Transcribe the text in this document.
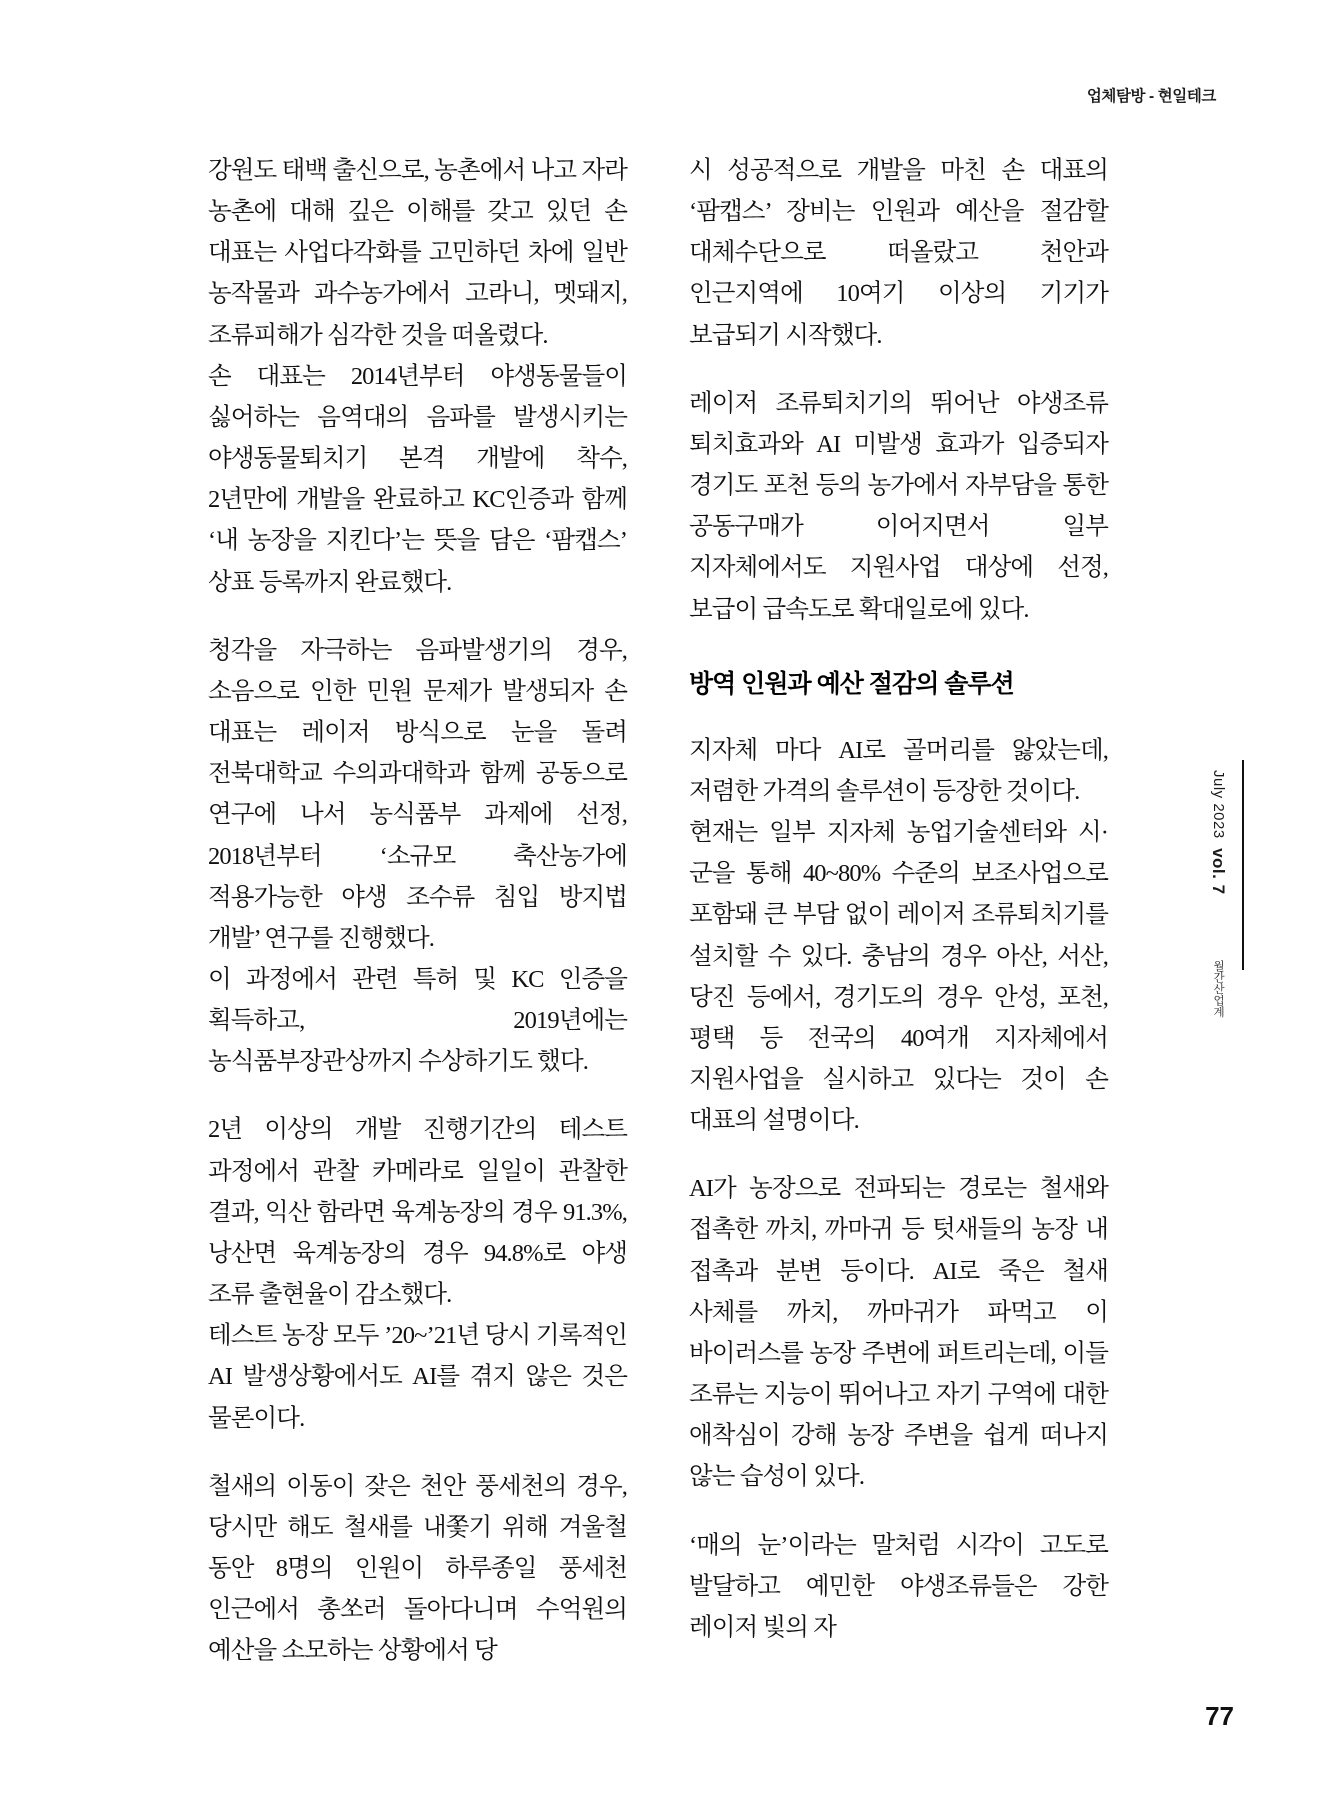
업체탐방 - 현일테크

강원도 태백 출신으로, 농촌에서 나고 자라 농촌에 대해 깊은 이해를 갖고 있던 손 대표는 사업다각화를 고민하던 차에 일반 농작물과 과수농가에서 고라니, 멧돼지, 조류피해가 심각한 것을 떠올렸다.

손 대표는 2014년부터 야생동물들이 싫어하는 음역대의 음파를 발생시키는 야생동물퇴치기 본격 개발에 착수, 2년만에 개발을 완료하고 KC인증과 함께 ‘내 농장을 지킨다’는 뜻을 담은 ‘팜캡스’ 상표 등록까지 완료했다.

청각을 자극하는 음파발생기의 경우, 소음으로 인한 민원 문제가 발생되자 손 대표는 레이저 방식으로 눈을 돌려 전북대학교 수의과대학과 함께 공동으로 연구에 나서 농식품부 과제에 선정, 2018년부터 ‘소규모 축산농가에 적용가능한 야생 조수류 침입 방지법 개발’ 연구를 진행했다.

이 과정에서 관련 특허 및 KC 인증을 획득하고, 2019년에는 농식품부장관상까지 수상하기도 했다.

2년 이상의 개발 진행기간의 테스트 과정에서 관찰 카메라로 일일이 관찰한 결과, 익산 함라면 육계농장의 경우 91.3%, 낭산면 육계농장의 경우 94.8%로 야생 조류 출현율이 감소했다.

테스트 농장 모두 ’20~’21년 당시 기록적인 AI 발생상황에서도 AI를 겪지 않은 것은 물론이다.

철새의 이동이 잦은 천안 풍세천의 경우, 당시만 해도 철새를 내쫓기 위해 겨울철 동안 8명의 인원이 하루종일 풍세천 인근에서 총쏘러 돌아다니며 수억원의 예산을 소모하는 상황에서 당

시 성공적으로 개발을 마친 손 대표의 ‘팜캡스’ 장비는 인원과 예산을 절감할 대체수단으로 떠올랐고 천안과 인근지역에 10여기 이상의 기기가 보급되기 시작했다.

레이저 조류퇴치기의 뛰어난 야생조류 퇴치효과와 AI 미발생 효과가 입증되자 경기도 포천 등의 농가에서 자부담을 통한 공동구매가 이어지면서 일부 지자체에서도 지원사업 대상에 선정, 보급이 급속도로 확대일로에 있다.

방역 인원과 예산 절감의 솔루션

지자체 마다 AI로 골머리를 앓았는데, 저렴한 가격의 솔루션이 등장한 것이다.

현재는 일부 지자체 농업기술센터와 시·군을 통해 40~80% 수준의 보조사업으로 포함돼 큰 부담 없이 레이저 조류퇴치기를 설치할 수 있다. 충남의 경우 아산, 서산, 당진 등에서, 경기도의 경우 안성, 포천, 평택 등 전국의 40여개 지자체에서 지원사업을 실시하고 있다는 것이 손 대표의 설명이다.

AI가 농장으로 전파되는 경로는 철새와 접촉한 까치, 까마귀 등 텃새들의 농장 내 접촉과 분변 등이다. AI로 죽은 철새 사체를 까치, 까마귀가 파먹고 이 바이러스를 농장 주변에 퍼트리는데, 이들 조류는 지능이 뛰어나고 자기 구역에 대한 애착심이 강해 농장 주변을 쉽게 떠나지 않는 습성이 있다.

‘매의 눈’이라는 말처럼 시각이 고도로 발달하고 예민한 야생조류들은 강한 레이저 빛의 자

July 2023  vol. 7
월간산업계
77
